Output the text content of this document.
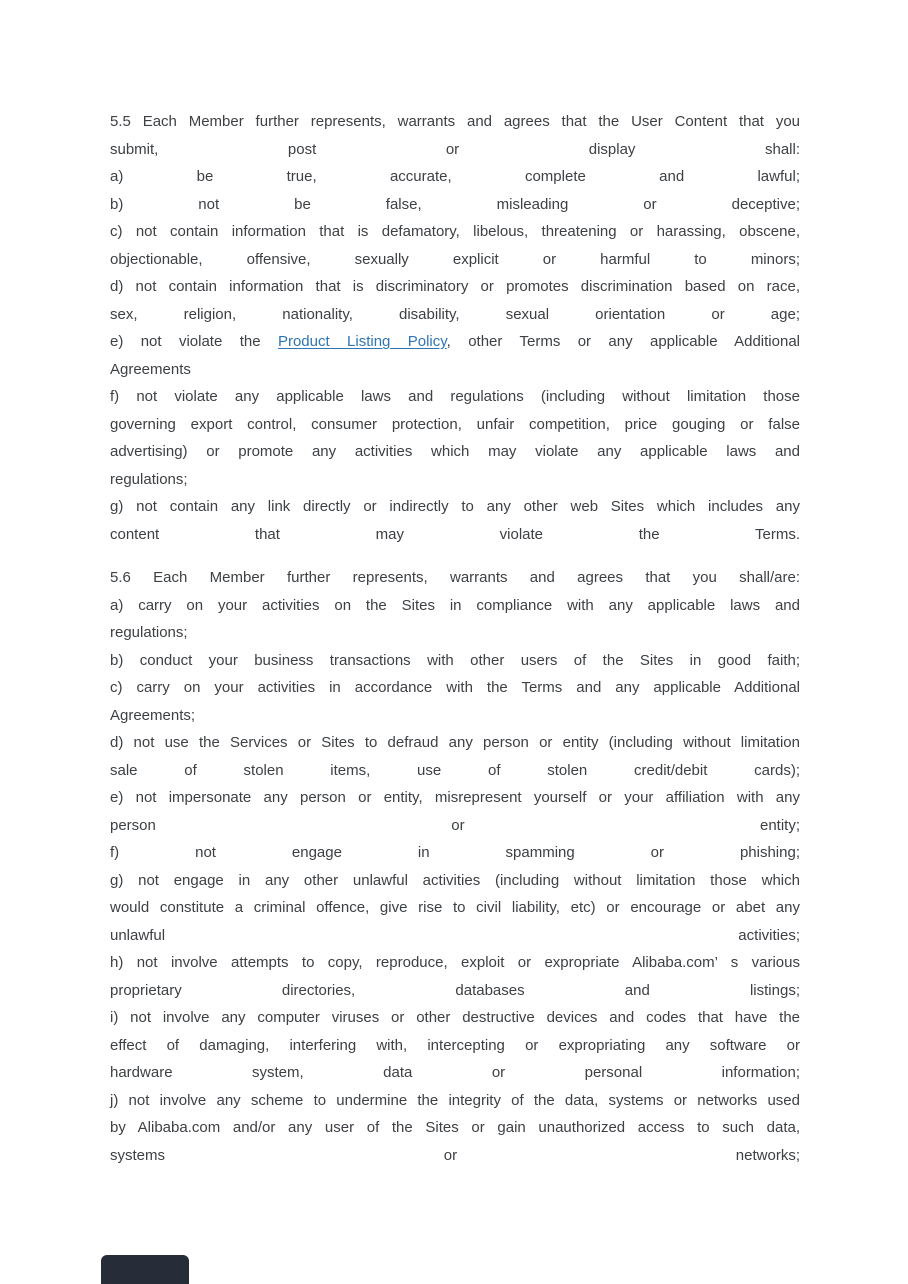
5.5 Each Member further represents, warrants and agrees that the User Content that you
submit, post or display shall:
a) be true, accurate, complete and lawful;
b) not be false, misleading or deceptive;
c) not contain information that is defamatory, libelous, threatening or harassing, obscene,
objectionable, offensive, sexually explicit or harmful to minors;
d) not contain information that is discriminatory or promotes discrimination based on race,
sex, religion, nationality, disability, sexual orientation or age;
e) not violate the Product Listing Policy, other Terms or any applicable Additional
Agreements
f) not violate any applicable laws and regulations (including without limitation those
governing export control, consumer protection, unfair competition, price gouging or false
advertising) or promote any activities which may violate any applicable laws and
regulations;
g) not contain any link directly or indirectly to any other web Sites which includes any
content that may violate the Terms.
5.6 Each Member further represents, warrants and agrees that you shall/are:
a) carry on your activities on the Sites in compliance with any applicable laws and
regulations;
b) conduct your business transactions with other users of the Sites in good faith;
c) carry on your activities in accordance with the Terms and any applicable Additional
Agreements;
d) not use the Services or Sites to defraud any person or entity (including without limitation
sale of stolen items, use of stolen credit/debit cards);
e) not impersonate any person or entity, misrepresent yourself or your affiliation with any
person or entity;
f) not engage in spamming or phishing;
g) not engage in any other unlawful activities (including without limitation those which
would constitute a criminal offence, give rise to civil liability, etc) or encourage or abet any
unlawful activities;
h) not involve attempts to copy, reproduce, exploit or expropriate Alibaba.com’ s various
proprietary directories, databases and listings;
i) not involve any computer viruses or other destructive devices and codes that have the
effect of damaging, interfering with, intercepting or expropriating any software or
hardware system, data or personal information;
j) not involve any scheme to undermine the integrity of the data, systems or networks used
by Alibaba.com and/or any user of the Sites or gain unauthorized access to such data,
systems or networks;
